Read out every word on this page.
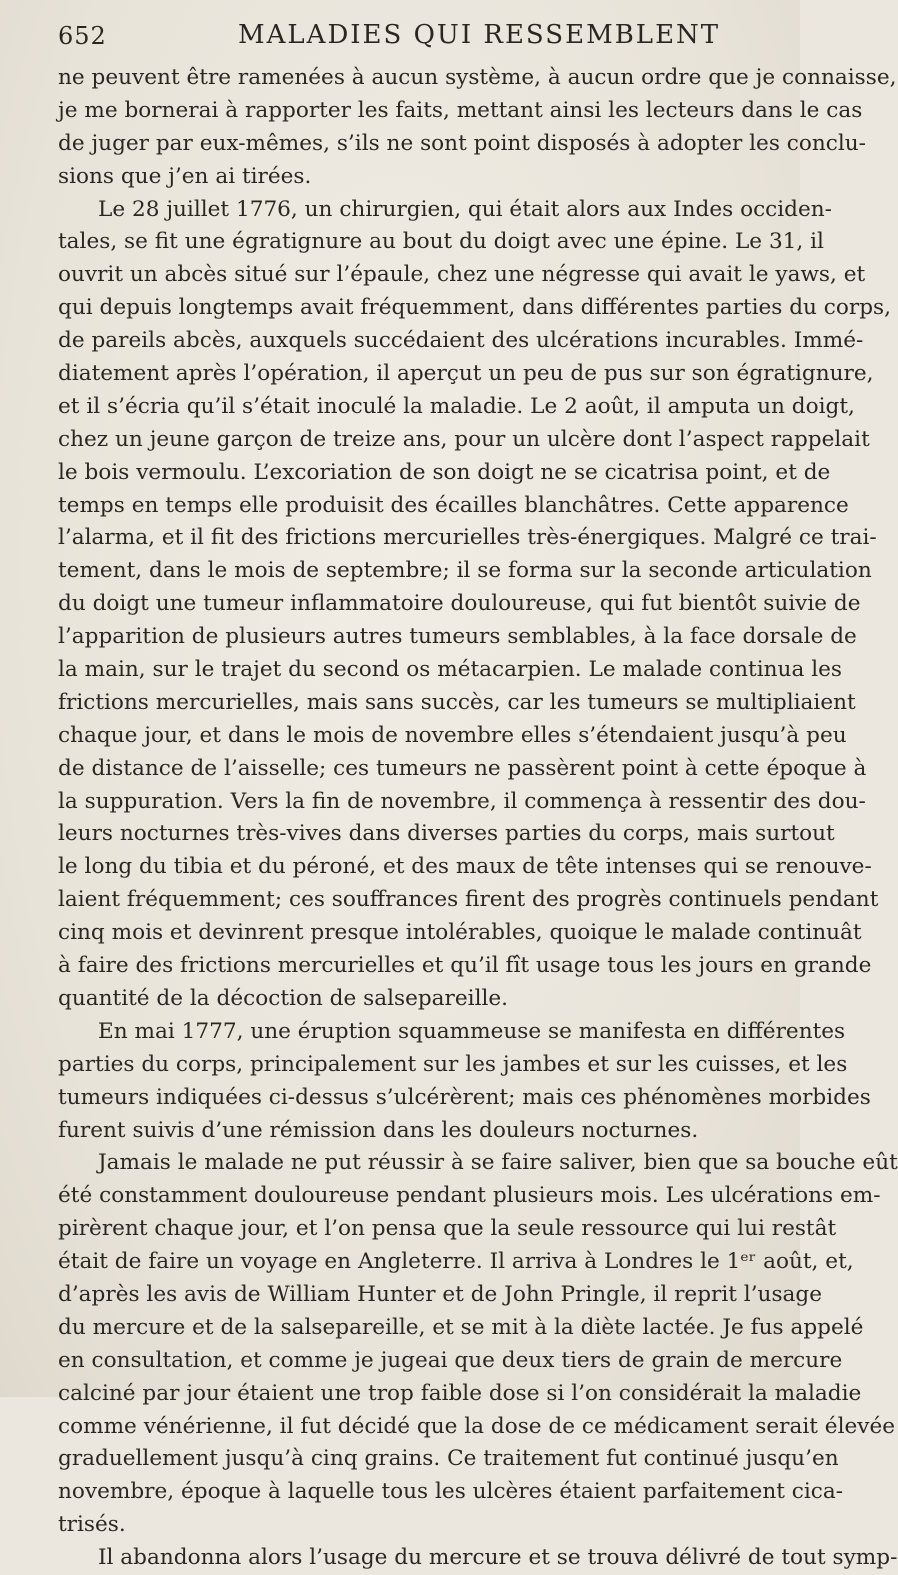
652	MALADIES QUI RESSEMBLENT
ne peuvent être ramenées à aucun système, à aucun ordre que je connaisse,
je me bornerai à rapporter les faits, mettant ainsi les lecteurs dans le cas
de juger par eux-mêmes, s’ils ne sont point disposés à adopter les conclu-
sions que j’en ai tirées.
Le 28 juillet 1776, un chirurgien, qui était alors aux Indes occiden-
tales, se fit une égratignure au bout du doigt avec une épine. Le 31, il
ouvrit un abcès situé sur l’épaule, chez une négresse qui avait le yaws, et
qui depuis longtemps avait fréquemment, dans différentes parties du corps,
de pareils abcès, auxquels succédaient des ulcérations incurables. Immé-
diatement après l’opération, il aperçut un peu de pus sur son égratignure,
et il s’écria qu’il s’était inoculé la maladie. Le 2 août, il amputa un doigt,
chez un jeune garçon de treize ans, pour un ulcère dont l’aspect rappelait
le bois vermoulu. L’excoriation de son doigt ne se cicatrisa point, et de
temps en temps elle produisit des écailles blanchâtres. Cette apparence
l’alarma, et il fit des frictions mercurielles très-énergiques. Malgré ce trai-
tement, dans le mois de septembre; il se forma sur la seconde articulation
du doigt une tumeur inflammatoire douloureuse, qui fut bientôt suivie de
l’apparition de plusieurs autres tumeurs semblables, à la face dorsale de
la main, sur le trajet du second os métacarpien. Le malade continua les
frictions mercurielles, mais sans succès, car les tumeurs se multipliaient
chaque jour, et dans le mois de novembre elles s’étendaient jusqu’à peu
de distance de l’aisselle; ces tumeurs ne passèrent point à cette époque à
la suppuration. Vers la fin de novembre, il commença à ressentir des dou-
leurs nocturnes très-vives dans diverses parties du corps, mais surtout
le long du tibia et du péroné, et des maux de tête intenses qui se renouve-
laient fréquemment; ces souffrances firent des progrès continuels pendant
cinq mois et devinrent presque intolérables, quoique le malade continuât
à faire des frictions mercurielles et qu’il fît usage tous les jours en grande
quantité de la décoction de salsepareille.
En mai 1777, une éruption squammeuse se manifesta en différentes
parties du corps, principalement sur les jambes et sur les cuisses, et les
tumeurs indiquées ci-dessus s’ulcérèrent; mais ces phénomènes morbides
furent suivis d’une rémission dans les douleurs nocturnes.
Jamais le malade ne put réussir à se faire saliver, bien que sa bouche eût
été constamment douloureuse pendant plusieurs mois. Les ulcérations em-
pirèrent chaque jour, et l’on pensa que la seule ressource qui lui restât
était de faire un voyage en Angleterre. Il arriva à Londres le 1ᵉʳ août, et,
d’après les avis de William Hunter et de John Pringle, il reprit l’usage
du mercure et de la salsepareille, et se mit à la diète lactée. Je fus appelé
en consultation, et comme je jugeai que deux tiers de grain de mercure
calciné par jour étaient une trop faible dose si l’on considérait la maladie
comme vénérienne, il fut décidé que la dose de ce médicament serait élevée
graduellement jusqu’à cinq grains. Ce traitement fut continué jusqu’en
novembre, époque à laquelle tous les ulcères étaient parfaitement cica-
trisés.
Il abandonna alors l’usage du mercure et se trouva délivré de tout symp-
